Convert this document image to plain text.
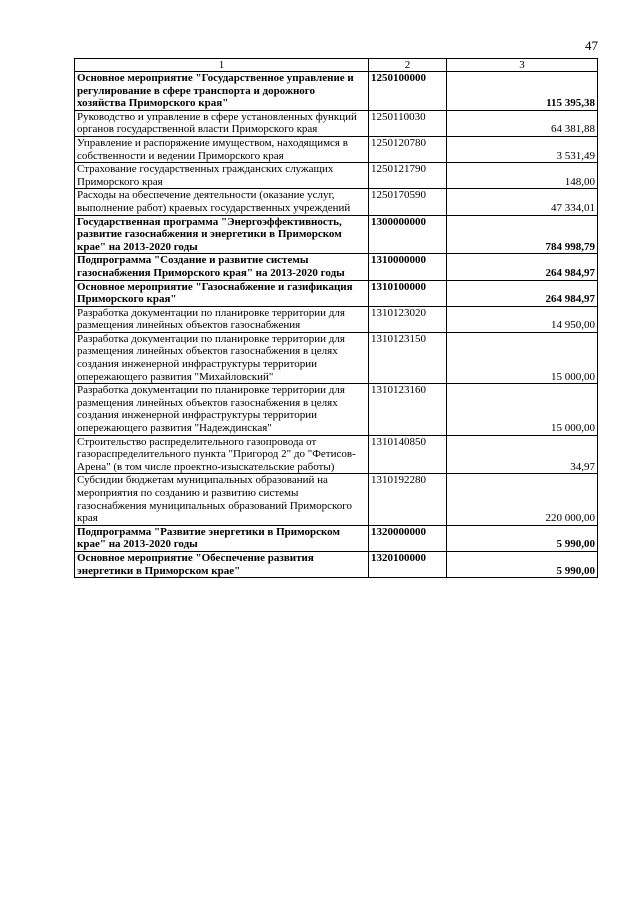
47
1	2	3
Основное мероприятие "Государственное управление и регулирование в сфере транспорта и дорожного хозяйства Приморского края"	1250100000	115 395,38
Руководство и управление в сфере установленных функций органов государственной власти Приморского края	1250110030	64 381,88
Управление и распоряжение имуществом, находящимся в собственности и ведении Приморского края	1250120780	3 531,49
Страхование государственных гражданских служащих Приморского края	1250121790	148,00
Расходы на обеспечение деятельности (оказание услуг, выполнение работ) краевых государственных учреждений	1250170590	47 334,01
Государственная программа "Энергоэффективность, развитие газоснабжения и энергетики в Приморском крае" на 2013-2020 годы	1300000000	784 998,79
Подпрограмма "Создание и развитие системы газоснабжения Приморского края" на 2013-2020 годы	1310000000	264 984,97
Основное мероприятие "Газоснабжение и газификация Приморского края"	1310100000	264 984,97
Разработка документации по планировке территории для размещения линейных объектов газоснабжения	1310123020	14 950,00
Разработка документации по планировке территории для размещения линейных объектов газоснабжения в целях создания инженерной инфраструктуры территории опережающего развития "Михайловский"	1310123150	15 000,00
Разработка документации по планировке территории для размещения линейных объектов газоснабжения в целях создания инженерной инфраструктуры территории опережающего развития "Надеждинская"	1310123160	15 000,00
Строительство распределительного газопровода от газораспределительного пункта "Пригород 2" до "Фетисов-Арена" (в том числе проектно-изыскательские работы)	1310140850	34,97
Субсидии бюджетам муниципальных образований на мероприятия по созданию и развитию системы газоснабжения муниципальных образований Приморского края	1310192280	220 000,00
Подпрограмма "Развитие энергетики в Приморском крае" на 2013-2020 годы	1320000000	5 990,00
Основное мероприятие "Обеспечение развития энергетики в Приморском крае"	1320100000	5 990,00
